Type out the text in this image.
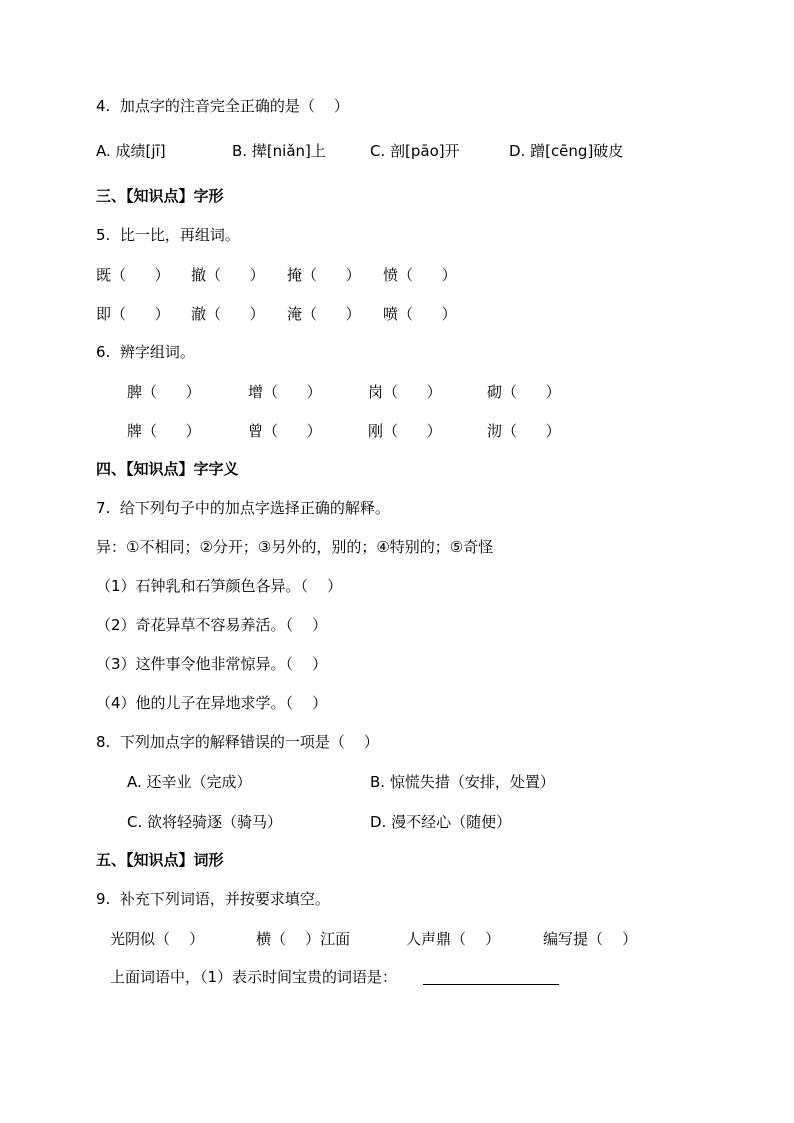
4.  加点字的注音完全正确的是（    ）
A. 成绩[jī]	B. 撵[niǎn]上	C. 剖[pāo]开	D. 蹭[cēng]破皮
三、【知识点】字形
5.  比一比，再组词。
既（      ） 撤（      ） 掩（      ） 愤（      ）
即（      ） 澈（      ） 淹（      ） 喷（      ）
6.  辨字组词。
脾（      ）	增（      ）	岗（      ）	砌（      ）
牌（      ）	曾（      ）	刚（      ）	沏（      ）
四、【知识点】字字义
7.  给下列句子中的加点字选择正确的解释。
异：①不相同；②分开；③另外的，别的；④特别的；⑤奇怪
（1）石钟乳和石笋颜色各异。（    ）
（2）奇花异草不容易养活。（    ）
（3）这件事令他非常惊异。（    ）
（4）他的儿子在异地求学。（    ）
8.  下列加点字的解释错误的一项是（    ）
A. 还辛业（完成）	B. 惊慌失措（安排，处置）
C. 欲将轻骑逐（骑马）	D. 漫不经心（随便）
五、【知识点】词形
9.  补充下列词语，并按要求填空。
光阴似（    ）	横（    ）江面	人声鼎（    ）	编写提（    ）
上面词语中，（1）表示时间宝贵的词语是：
